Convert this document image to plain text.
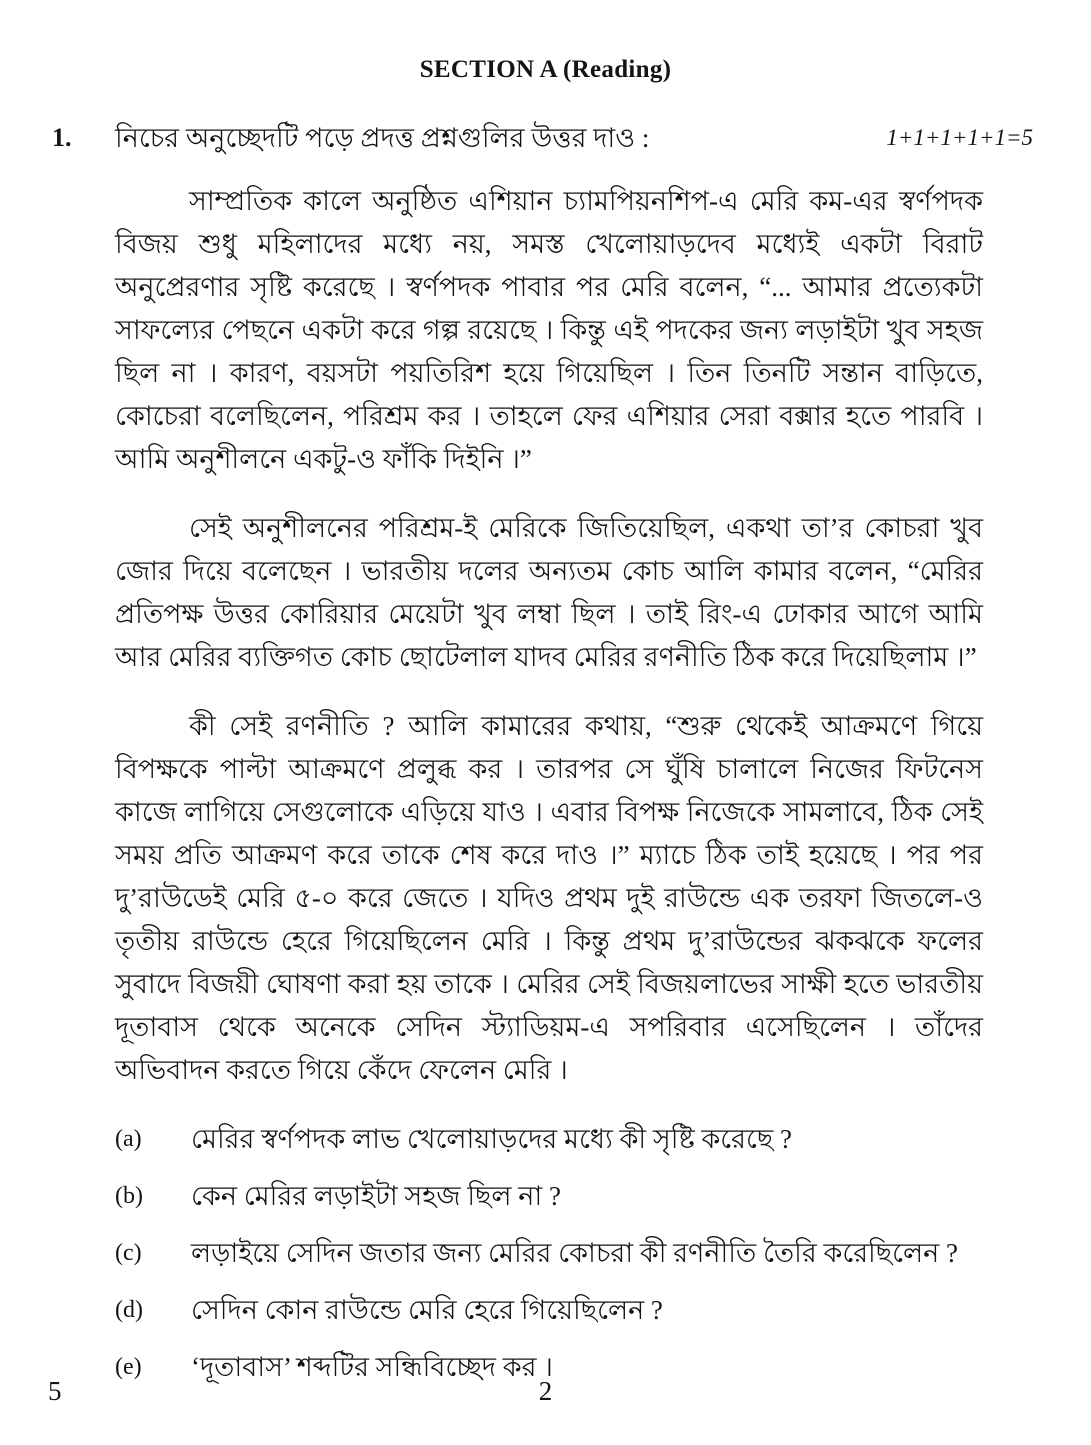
SECTION A (Reading)
1.	নিচের অনুচ্ছেদটি পড়ে প্রদত্ত প্রশ্নগুলির উত্তর দাও :	1+1+1+1+1=5

সাম্প্রতিক কালে অনুষ্ঠিত এশিয়ান চ্যামপিয়নশিপ-এ মেরি কম-এর স্বর্ণপদক বিজয় শুধু মহিলাদের মধ্যে নয়, সমস্ত খেলোয়াড়দেব মধ্যেই একটা বিরাট অনুপ্রেরণার সৃষ্টি করেছে । স্বর্ণপদক পাবার পর মেরি বলেন, “... আমার প্রত্যেকটা সাফল্যের পেছনে একটা করে গল্প রয়েছে । কিন্তু এই পদকের জন্য লড়াইটা খুব সহজ ছিল না । কারণ, বয়সটা পয়তিরিশ হয়ে গিয়েছিল । তিন তিনটি সন্তান বাড়িতে, কোচেরা বলেছিলেন, পরিশ্রম কর । তাহলে ফের এশিয়ার সেরা বক্সার হতে পারবি । আমি অনুশীলনে একটু-ও ফাঁকি দিইনি ।”

সেই অনুশীলনের পরিশ্রম-ই মেরিকে জিতিয়েছিল, একথা তা’র কোচরা খুব জোর দিয়ে বলেছেন । ভারতীয় দলের অন্যতম কোচ আলি কামার বলেন, “মেরির প্রতিপক্ষ উত্তর কোরিয়ার মেয়েটা খুব লম্বা ছিল । তাই রিং-এ ঢোকার আগে আমি আর মেরির ব্যক্তিগত কোচ ছোটেলাল যাদব মেরির রণনীতি ঠিক করে দিয়েছিলাম ।”

কী সেই রণনীতি ? আলি কামারের কথায়, “শুরু থেকেই আক্রমণে গিয়ে বিপক্ষকে পাল্টা আক্রমণে প্রলুব্ধ কর । তারপর সে ঘুঁষি চালালে নিজের ফিটনেস কাজে লাগিয়ে সেগুলোকে এড়িয়ে যাও । এবার বিপক্ষ নিজেকে সামলাবে, ঠিক সেই সময় প্রতি আক্রমণ করে তাকে শেষ করে দাও ।” ম্যাচে ঠিক তাই হয়েছে । পর পর দু’রাউডেই মেরি ৫-০ করে জেতে । যদিও প্রথম দুই রাউন্ডে এক তরফা জিতলে-ও তৃতীয় রাউন্ডে হেরে গিয়েছিলেন মেরি । কিন্তু প্রথম দু’রাউন্ডের ঝকঝকে ফলের সুবাদে বিজয়ী ঘোষণা করা হয় তাকে । মেরির সেই বিজয়লাভের সাক্ষী হতে ভারতীয় দূতাবাস থেকে অনেকে সেদিন স্ট্যাডিয়ম-এ সপরিবার এসেছিলেন । তাঁদের অভিবাদন করতে গিয়ে কেঁদে ফেলেন মেরি ।

(a)	মেরির স্বর্ণপদক লাভ খেলোয়াড়দের মধ্যে কী সৃষ্টি করেছে ?
(b)	কেন মেরির লড়াইটা সহজ ছিল না ?
(c)	লড়াইয়ে সেদিন জতার জন্য মেরির কোচরা কী রণনীতি তৈরি করেছিলেন ?
(d)	সেদিন কোন রাউন্ডে মেরি হেরে গিয়েছিলেন ?
(e)	‘দূতাবাস’ শব্দটির সন্ধিবিচ্ছেদ কর ।
5	2
